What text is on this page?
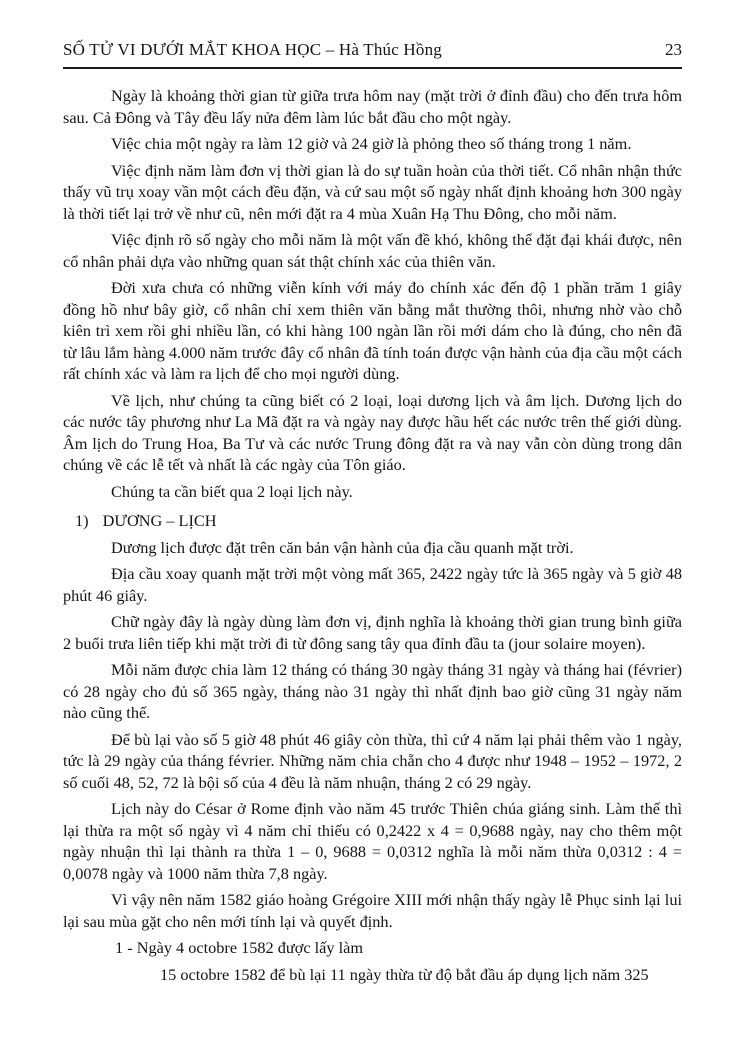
SỐ TỬ VI DƯỚI MẮT KHOA HỌC – Hà Thúc Hồng	23

Ngày là khoảng thời gian từ giữa trưa hôm nay (mặt trời ở đỉnh đầu) cho đến trưa hôm sau. Cả Đông và Tây đều lấy nửa đêm làm lúc bắt đầu cho một ngày.

Việc chia một ngày ra làm 12 giờ và 24 giờ là phỏng theo số tháng trong 1 năm.

Việc định năm làm đơn vị thời gian là do sự tuần hoàn của thời tiết. Cổ nhân nhận thức thấy vũ trụ xoay vần một cách đều đặn, và cứ sau một số ngày nhất định khoảng hơn 300 ngày là thời tiết lại trở về như cũ, nên mới đặt ra 4 mùa Xuân Hạ Thu Đông, cho mỗi năm.

Việc định rõ số ngày cho mỗi năm là một vấn đề khó, không thể đặt đại khái được, nên cổ nhân phải dựa vào những quan sát thật chính xác của thiên văn.

Đời xưa chưa có những viễn kính với máy đo chính xác đến độ 1 phần trăm 1 giây đồng hồ như bây giờ, cổ nhân chỉ xem thiên văn bằng mắt thường thôi, nhưng nhờ vào chỗ kiên trì xem rồi ghi nhiều lần, có khi hàng 100 ngàn lần rồi mới dám cho là đúng, cho nên đã từ lâu lắm hàng 4.000 năm trước đây cổ nhân đã tính toán được vận hành của địa cầu một cách rất chính xác và làm ra lịch để cho mọi người dùng.

Về lịch, như chúng ta cũng biết có 2 loại, loại dương lịch và âm lịch. Dương lịch do các nước tây phương như La Mã đặt ra và ngày nay được hầu hết các nước trên thế giới dùng. Âm lịch do Trung Hoa, Ba Tư và các nước Trung đông đặt ra và nay vẫn còn dùng trong dân chúng về các lễ tết và nhất là các ngày của Tôn giáo.

Chúng ta cần biết qua 2 loại lịch này.

1) DƯƠNG – LỊCH

Dương lịch được đặt trên căn bản vận hành của địa cầu quanh mặt trời.

Địa cầu xoay quanh mặt trời một vòng mất 365, 2422 ngày tức là 365 ngày và 5 giờ 48 phút 46 giây.

Chữ ngày đây là ngày dùng làm đơn vị, định nghĩa là khoảng thời gian trung bình giữa 2 buổi trưa liên tiếp khi mặt trời đi từ đông sang tây qua đỉnh đầu ta (jour solaire moyen).

Mỗi năm được chia làm 12 tháng có tháng 30 ngày tháng 31 ngày và tháng hai (février) có 28 ngày cho đủ số 365 ngày, tháng nào 31 ngày thì nhất định bao giờ cũng 31 ngày năm nào cũng thế.

Để bù lại vào số 5 giờ 48 phút 46 giây còn thừa, thì cứ 4 năm lại phải thêm vào 1 ngày, tức là 29 ngày của tháng février. Những năm chia chẵn cho 4 được như 1948 – 1952 – 1972, 2 số cuối 48, 52, 72 là bội số của 4 đều là năm nhuận, tháng 2 có 29 ngày.

Lịch này do César ở Rome định vào năm 45 trước Thiên chúa giáng sinh. Làm thế thì lại thừa ra một số ngày vì 4 năm chỉ thiếu có 0,2422 x 4 = 0,9688 ngày, nay cho thêm một ngày nhuận thì lại thành ra thừa 1 – 0, 9688 = 0,0312 nghĩa là mỗi năm thừa 0,0312 : 4 = 0,0078 ngày và 1000 năm thừa 7,8 ngày.

Vì vậy nên năm 1582 giáo hoàng Grégoire XIII mới nhận thấy ngày lễ Phục sinh lại lui lại sau mùa gặt cho nên mới tính lại và quyết định.

1 - Ngày 4 octobre 1582 được lấy làm

15 octobre 1582 để bù lại 11 ngày thừa từ độ bắt đầu áp dụng lịch năm 325
